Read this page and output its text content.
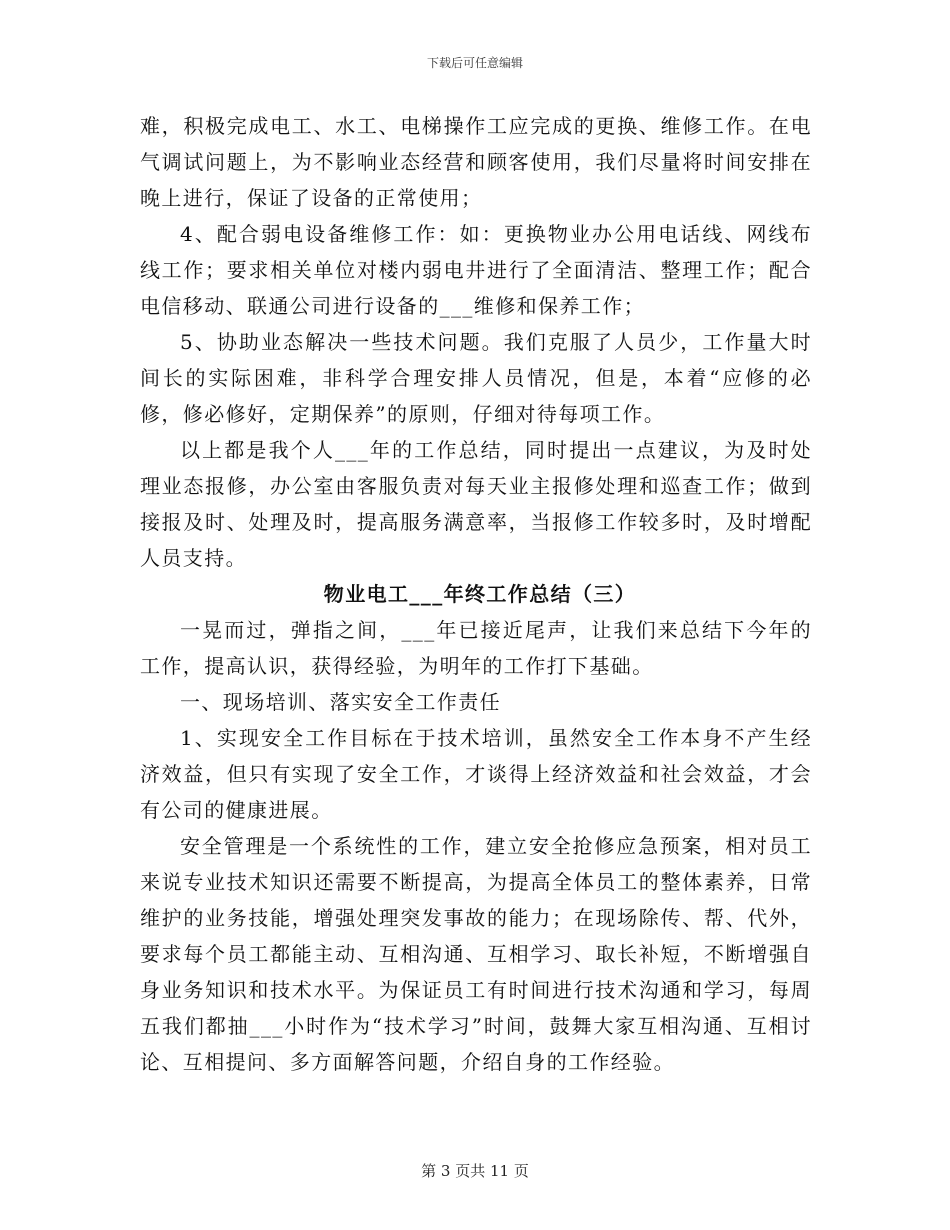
下载后可任意编辑

难，积极完成电工、水工、电梯操作工应完成的更换、维修工作。在电气调试问题上，为不影响业态经营和顾客使用，我们尽量将时间安排在晚上进行，保证了设备的正常使用；

4、配合弱电设备维修工作：如：更换物业办公用电话线、网线布线工作；要求相关单位对楼内弱电井进行了全面清洁、整理工作；配合电信移动、联通公司进行设备的___维修和保养工作；

5、协助业态解决一些技术问题。我们克服了人员少，工作量大时间长的实际困难，非科学合理安排人员情况，但是，本着“应修的必修，修必修好，定期保养”的原则，仔细对待每项工作。

以上都是我个人___年的工作总结，同时提出一点建议，为及时处理业态报修，办公室由客服负责对每天业主报修处理和巡查工作；做到接报及时、处理及时，提高服务满意率，当报修工作较多时，及时增配人员支持。

物业电工___年终工作总结（三）

一晃而过，弹指之间，___年已接近尾声，让我们来总结下今年的工作，提高认识，获得经验，为明年的工作打下基础。

一、现场培训、落实安全工作责任

1、实现安全工作目标在于技术培训，虽然安全工作本身不产生经济效益，但只有实现了安全工作，才谈得上经济效益和社会效益，才会有公司的健康进展。

安全管理是一个系统性的工作，建立安全抢修应急预案，相对员工来说专业技术知识还需要不断提高，为提高全体员工的整体素养，日常维护的业务技能，增强处理突发事故的能力；在现场除传、帮、代外，要求每个员工都能主动、互相沟通、互相学习、取长补短，不断增强自身业务知识和技术水平。为保证员工有时间进行技术沟通和学习，每周五我们都抽___小时作为“技术学习”时间，鼓舞大家互相沟通、互相讨论、互相提问、多方面解答问题，介绍自身的工作经验。

第 3 页共 11 页
